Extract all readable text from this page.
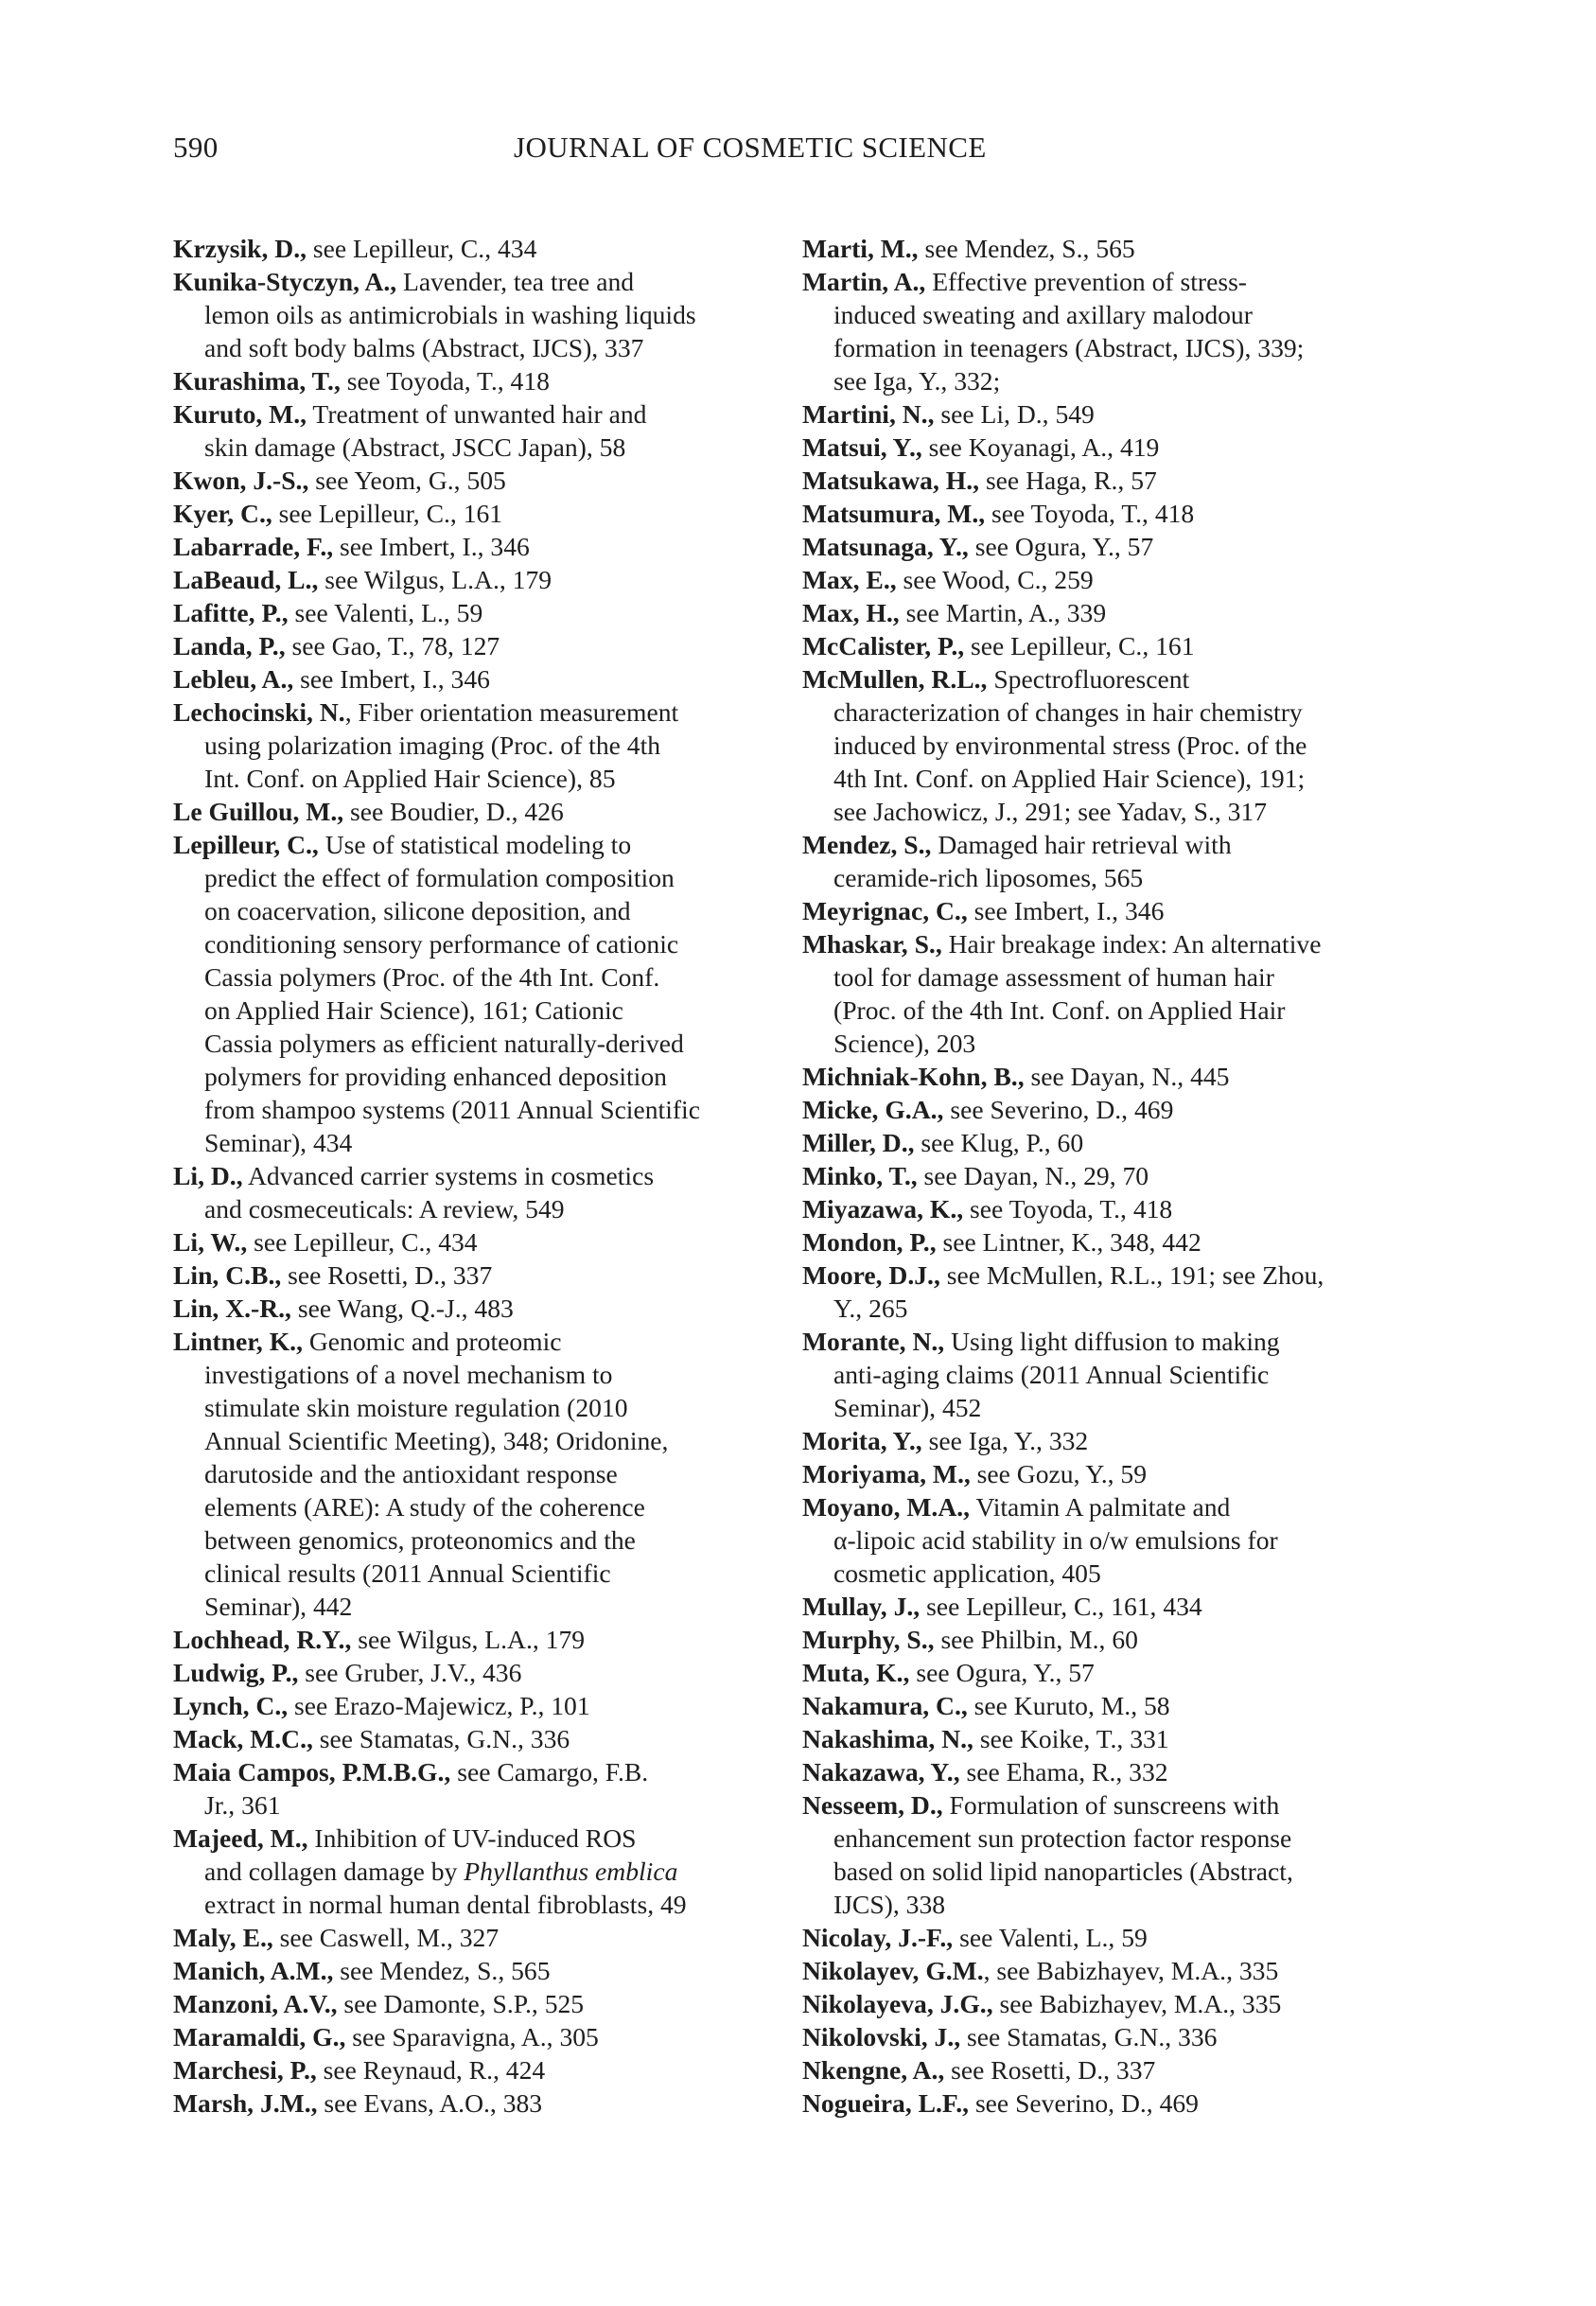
590	JOURNAL OF COSMETIC SCIENCE
Krzysik, D., see Lepilleur, C., 434
Kunika-Styczyn, A., Lavender, tea tree and
lemon oils as antimicrobials in washing liquids
and soft body balms (Abstract, IJCS), 337
Kurashima, T., see Toyoda, T., 418
Kuruto, M., Treatment of unwanted hair and
skin damage (Abstract, JSCC Japan), 58
Kwon, J.-S., see Yeom, G., 505
Kyer, C., see Lepilleur, C., 161
Labarrade, F., see Imbert, I., 346
LaBeaud, L., see Wilgus, L.A., 179
Lafitte, P., see Valenti, L., 59
Landa, P., see Gao, T., 78, 127
Lebleu, A., see Imbert, I., 346
Lechocinski, N., Fiber orientation measurement
using polarization imaging (Proc. of the 4th
Int. Conf. on Applied Hair Science), 85
Le Guillou, M., see Boudier, D., 426
Lepilleur, C., Use of statistical modeling to
predict the effect of formulation composition
on coacervation, silicone deposition, and
conditioning sensory performance of cationic
Cassia polymers (Proc. of the 4th Int. Conf.
on Applied Hair Science), 161; Cationic
Cassia polymers as efficient naturally-derived
polymers for providing enhanced deposition
from shampoo systems (2011 Annual Scientific
Seminar), 434
Li, D., Advanced carrier systems in cosmetics
and cosmeceuticals: A review, 549
Li, W., see Lepilleur, C., 434
Lin, C.B., see Rosetti, D., 337
Lin, X.-R., see Wang, Q.-J., 483
Lintner, K., Genomic and proteomic
investigations of a novel mechanism to
stimulate skin moisture regulation (2010
Annual Scientific Meeting), 348; Oridonine,
darutoside and the antioxidant response
elements (ARE): A study of the coherence
between genomics, proteonomics and the
clinical results (2011 Annual Scientific
Seminar), 442
Lochhead, R.Y., see Wilgus, L.A., 179
Ludwig, P., see Gruber, J.V., 436
Lynch, C., see Erazo-Majewicz, P., 101
Mack, M.C., see Stamatas, G.N., 336
Maia Campos, P.M.B.G., see Camargo, F.B.
Jr., 361
Majeed, M., Inhibition of UV-induced ROS
and collagen damage by Phyllanthus emblica
extract in normal human dental fibroblasts, 49
Maly, E., see Caswell, M., 327
Manich, A.M., see Mendez, S., 565
Manzoni, A.V., see Damonte, S.P., 525
Maramaldi, G., see Sparavigna, A., 305
Marchesi, P., see Reynaud, R., 424
Marsh, J.M., see Evans, A.O., 383
Marti, M., see Mendez, S., 565
Martin, A., Effective prevention of stress-
induced sweating and axillary malodour
formation in teenagers (Abstract, IJCS), 339;
see Iga, Y., 332;
Martini, N., see Li, D., 549
Matsui, Y., see Koyanagi, A., 419
Matsukawa, H., see Haga, R., 57
Matsumura, M., see Toyoda, T., 418
Matsunaga, Y., see Ogura, Y., 57
Max, E., see Wood, C., 259
Max, H., see Martin, A., 339
McCalister, P., see Lepilleur, C., 161
McMullen, R.L., Spectrofluorescent
characterization of changes in hair chemistry
induced by environmental stress (Proc. of the
4th Int. Conf. on Applied Hair Science), 191;
see Jachowicz, J., 291; see Yadav, S., 317
Mendez, S., Damaged hair retrieval with
ceramide-rich liposomes, 565
Meyrignac, C., see Imbert, I., 346
Mhaskar, S., Hair breakage index: An alternative
tool for damage assessment of human hair
(Proc. of the 4th Int. Conf. on Applied Hair
Science), 203
Michniak-Kohn, B., see Dayan, N., 445
Micke, G.A., see Severino, D., 469
Miller, D., see Klug, P., 60
Minko, T., see Dayan, N., 29, 70
Miyazawa, K., see Toyoda, T., 418
Mondon, P., see Lintner, K., 348, 442
Moore, D.J., see McMullen, R.L., 191; see Zhou,
Y., 265
Morante, N., Using light diffusion to making
anti-aging claims (2011 Annual Scientific
Seminar), 452
Morita, Y., see Iga, Y., 332
Moriyama, M., see Gozu, Y., 59
Moyano, M.A., Vitamin A palmitate and
α-lipoic acid stability in o/w emulsions for
cosmetic application, 405
Mullay, J., see Lepilleur, C., 161, 434
Murphy, S., see Philbin, M., 60
Muta, K., see Ogura, Y., 57
Nakamura, C., see Kuruto, M., 58
Nakashima, N., see Koike, T., 331
Nakazawa, Y., see Ehama, R., 332
Nesseem, D., Formulation of sunscreens with
enhancement sun protection factor response
based on solid lipid nanoparticles (Abstract,
IJCS), 338
Nicolay, J.-F., see Valenti, L., 59
Nikolayev, G.M., see Babizhayev, M.A., 335
Nikolayeva, J.G., see Babizhayev, M.A., 335
Nikolovski, J., see Stamatas, G.N., 336
Nkengne, A., see Rosetti, D., 337
Nogueira, L.F., see Severino, D., 469
